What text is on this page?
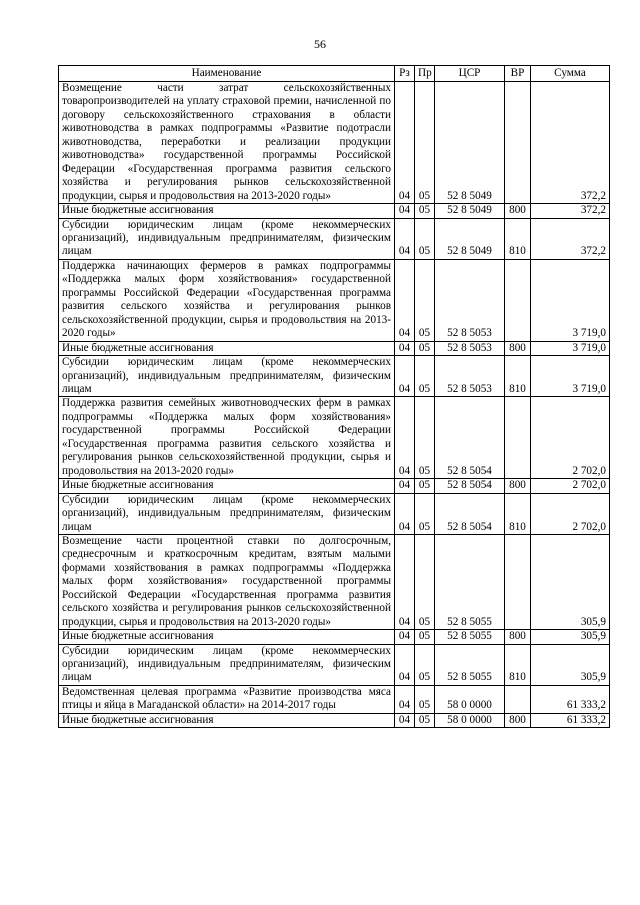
56
Наименование	Рз	Пр	ЦСР	ВР	Сумма
Возмещение части затрат сельскохозяйственных товаропроизводителей на уплату страховой премии, начисленной по договору сельскохозяйственного страхования в области животноводства в рамках подпрограммы «Развитие подотрасли животноводства, переработки и реализации продукции животноводства» государственной программы Российской Федерации «Государственная программа развития сельского хозяйства и регулирования рынков сельскохозяйственной продукции, сырья и продовольствия на 2013-2020 годы»	04	05	52 8 5049		372,2
Иные бюджетные ассигнования	04	05	52 8 5049	800	372,2
Субсидии юридическим лицам (кроме некоммерческих организаций), индивидуальным предпринимателям, физическим лицам	04	05	52 8 5049	810	372,2
Поддержка начинающих фермеров в рамках подпрограммы «Поддержка малых форм хозяйствования» государственной программы Российской Федерации «Государственная программа развития сельского хозяйства и регулирования рынков сельскохозяйственной продукции, сырья и продовольствия на 2013-2020 годы»	04	05	52 8 5053		3 719,0
Иные бюджетные ассигнования	04	05	52 8 5053	800	3 719,0
Субсидии юридическим лицам (кроме некоммерческих организаций), индивидуальным предпринимателям, физическим лицам	04	05	52 8 5053	810	3 719,0
Поддержка развития семейных животноводческих ферм в рамках подпрограммы «Поддержка малых форм хозяйствования» государственной программы Российской Федерации «Государственная программа развития сельского хозяйства и регулирования рынков сельскохозяйственной продукции, сырья и продовольствия на 2013-2020 годы»	04	05	52 8 5054		2 702,0
Иные бюджетные ассигнования	04	05	52 8 5054	800	2 702,0
Субсидии юридическим лицам (кроме некоммерческих организаций), индивидуальным предпринимателям, физическим лицам	04	05	52 8 5054	810	2 702,0
Возмещение части процентной ставки по долгосрочным, среднесрочным и краткосрочным кредитам, взятым малыми формами хозяйствования в рамках подпрограммы «Поддержка малых форм хозяйствования» государственной программы Российской Федерации «Государственная программа развития сельского хозяйства и регулирования рынков сельскохозяйственной продукции, сырья и продовольствия на 2013-2020 годы»	04	05	52 8 5055		305,9
Иные бюджетные ассигнования	04	05	52 8 5055	800	305,9
Субсидии юридическим лицам (кроме некоммерческих организаций), индивидуальным предпринимателям, физическим лицам	04	05	52 8 5055	810	305,9
Ведомственная целевая программа «Развитие производства мяса птицы и яйца в Магаданской области» на 2014-2017 годы	04	05	58 0 0000		61 333,2
Иные бюджетные ассигнования	04	05	58 0 0000	800	61 333,2
